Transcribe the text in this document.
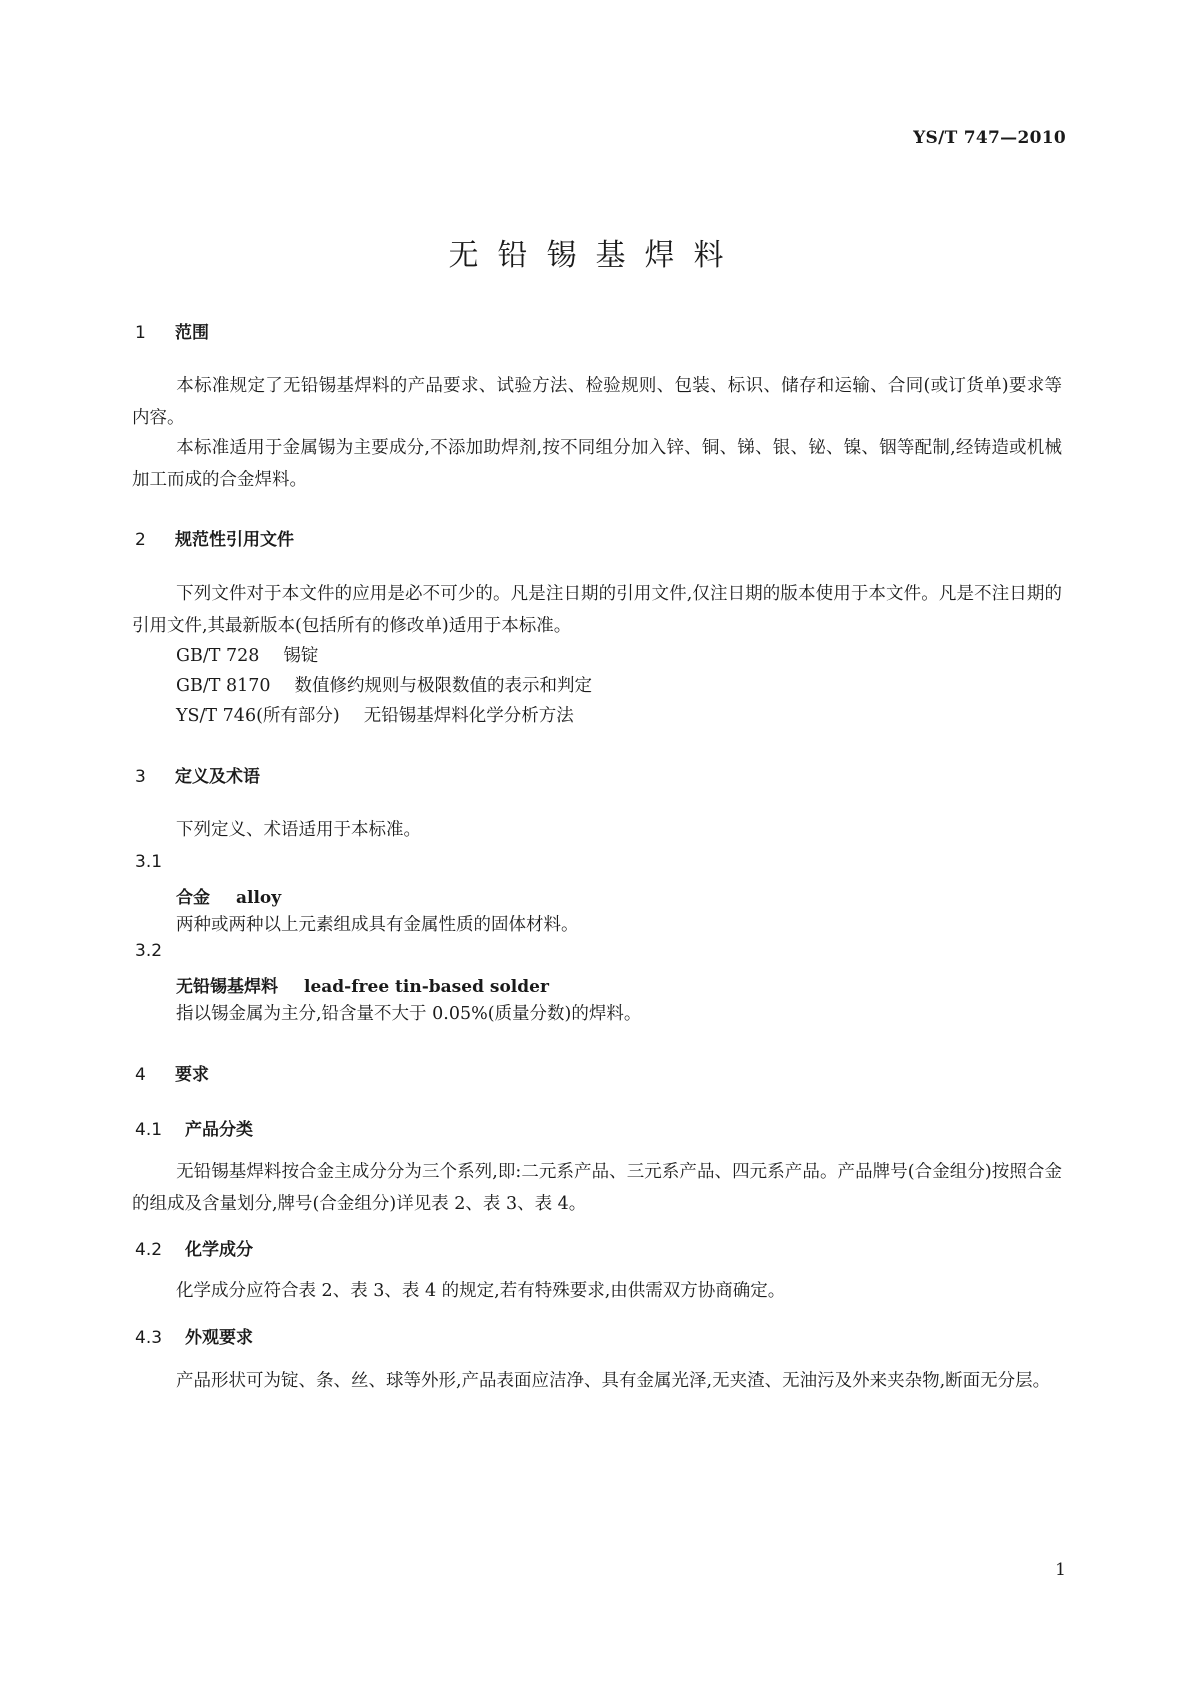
YS/T 747—2010
无铅锡基焊料
1 范围
本标准规定了无铅锡基焊料的产品要求、试验方法、检验规则、包装、标识、储存和运输、合同(或订货单)要求等内容。
本标准适用于金属锡为主要成分,不添加助焊剂,按不同组分加入锌、铜、锑、银、铋、镍、铟等配制,经铸造或机械加工而成的合金焊料。
2 规范性引用文件
下列文件对于本文件的应用是必不可少的。凡是注日期的引用文件,仅注日期的版本使用于本文件。凡是不注日期的引用文件,其最新版本(包括所有的修改单)适用于本标准。
GB/T 728 锡锭
GB/T 8170 数值修约规则与极限数值的表示和判定
YS/T 746(所有部分) 无铅锡基焊料化学分析方法
3 定义及术语
下列定义、术语适用于本标准。
3.1
合金 alloy
两种或两种以上元素组成具有金属性质的固体材料。
3.2
无铅锡基焊料 lead-free tin-based solder
指以锡金属为主分,铅含量不大于 0.05%(质量分数)的焊料。
4 要求
4.1 产品分类
无铅锡基焊料按合金主成分分为三个系列,即:二元系产品、三元系产品、四元系产品。产品牌号(合金组分)按照合金的组成及含量划分,牌号(合金组分)详见表 2、表 3、表 4。
4.2 化学成分
化学成分应符合表 2、表 3、表 4 的规定,若有特殊要求,由供需双方协商确定。
4.3 外观要求
产品形状可为锭、条、丝、球等外形,产品表面应洁净、具有金属光泽,无夹渣、无油污及外来夹杂物,断面无分层。
1
